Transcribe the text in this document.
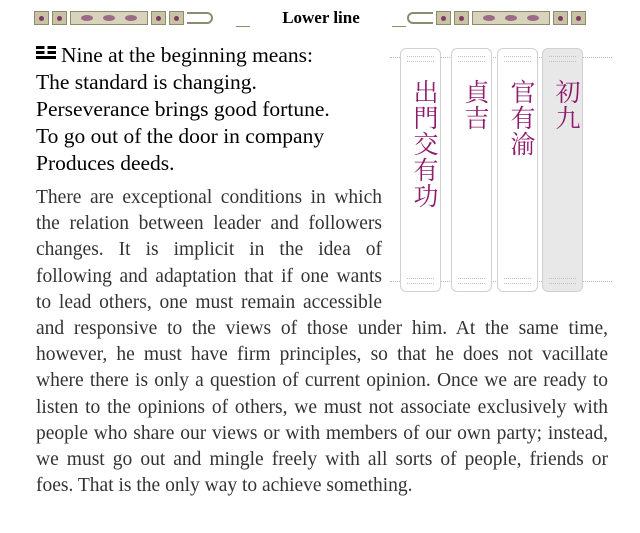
Lower line
Nine at the beginning means:
The standard is changing.
Perseverance brings good fortune.
To go out of the door in company
Produces deeds.
There are exceptional conditions in which the relation between leader and followers changes. It is implicit in the idea of following and adaptation that if one wants to lead others, one must remain accessible and responsive to the views of those under him. At the same time, however, he must have firm principles, so that he does not vacillate where there is only a question of current opinion. Once we are ready to listen to the opinions of others, we must not associate exclusively with people who share our views or with members of our own party; instead, we must go out and mingle freely with all sorts of people, friends or foes. That is the only way to achieve something.
出門交有功 貞吉 官有渝 初九
